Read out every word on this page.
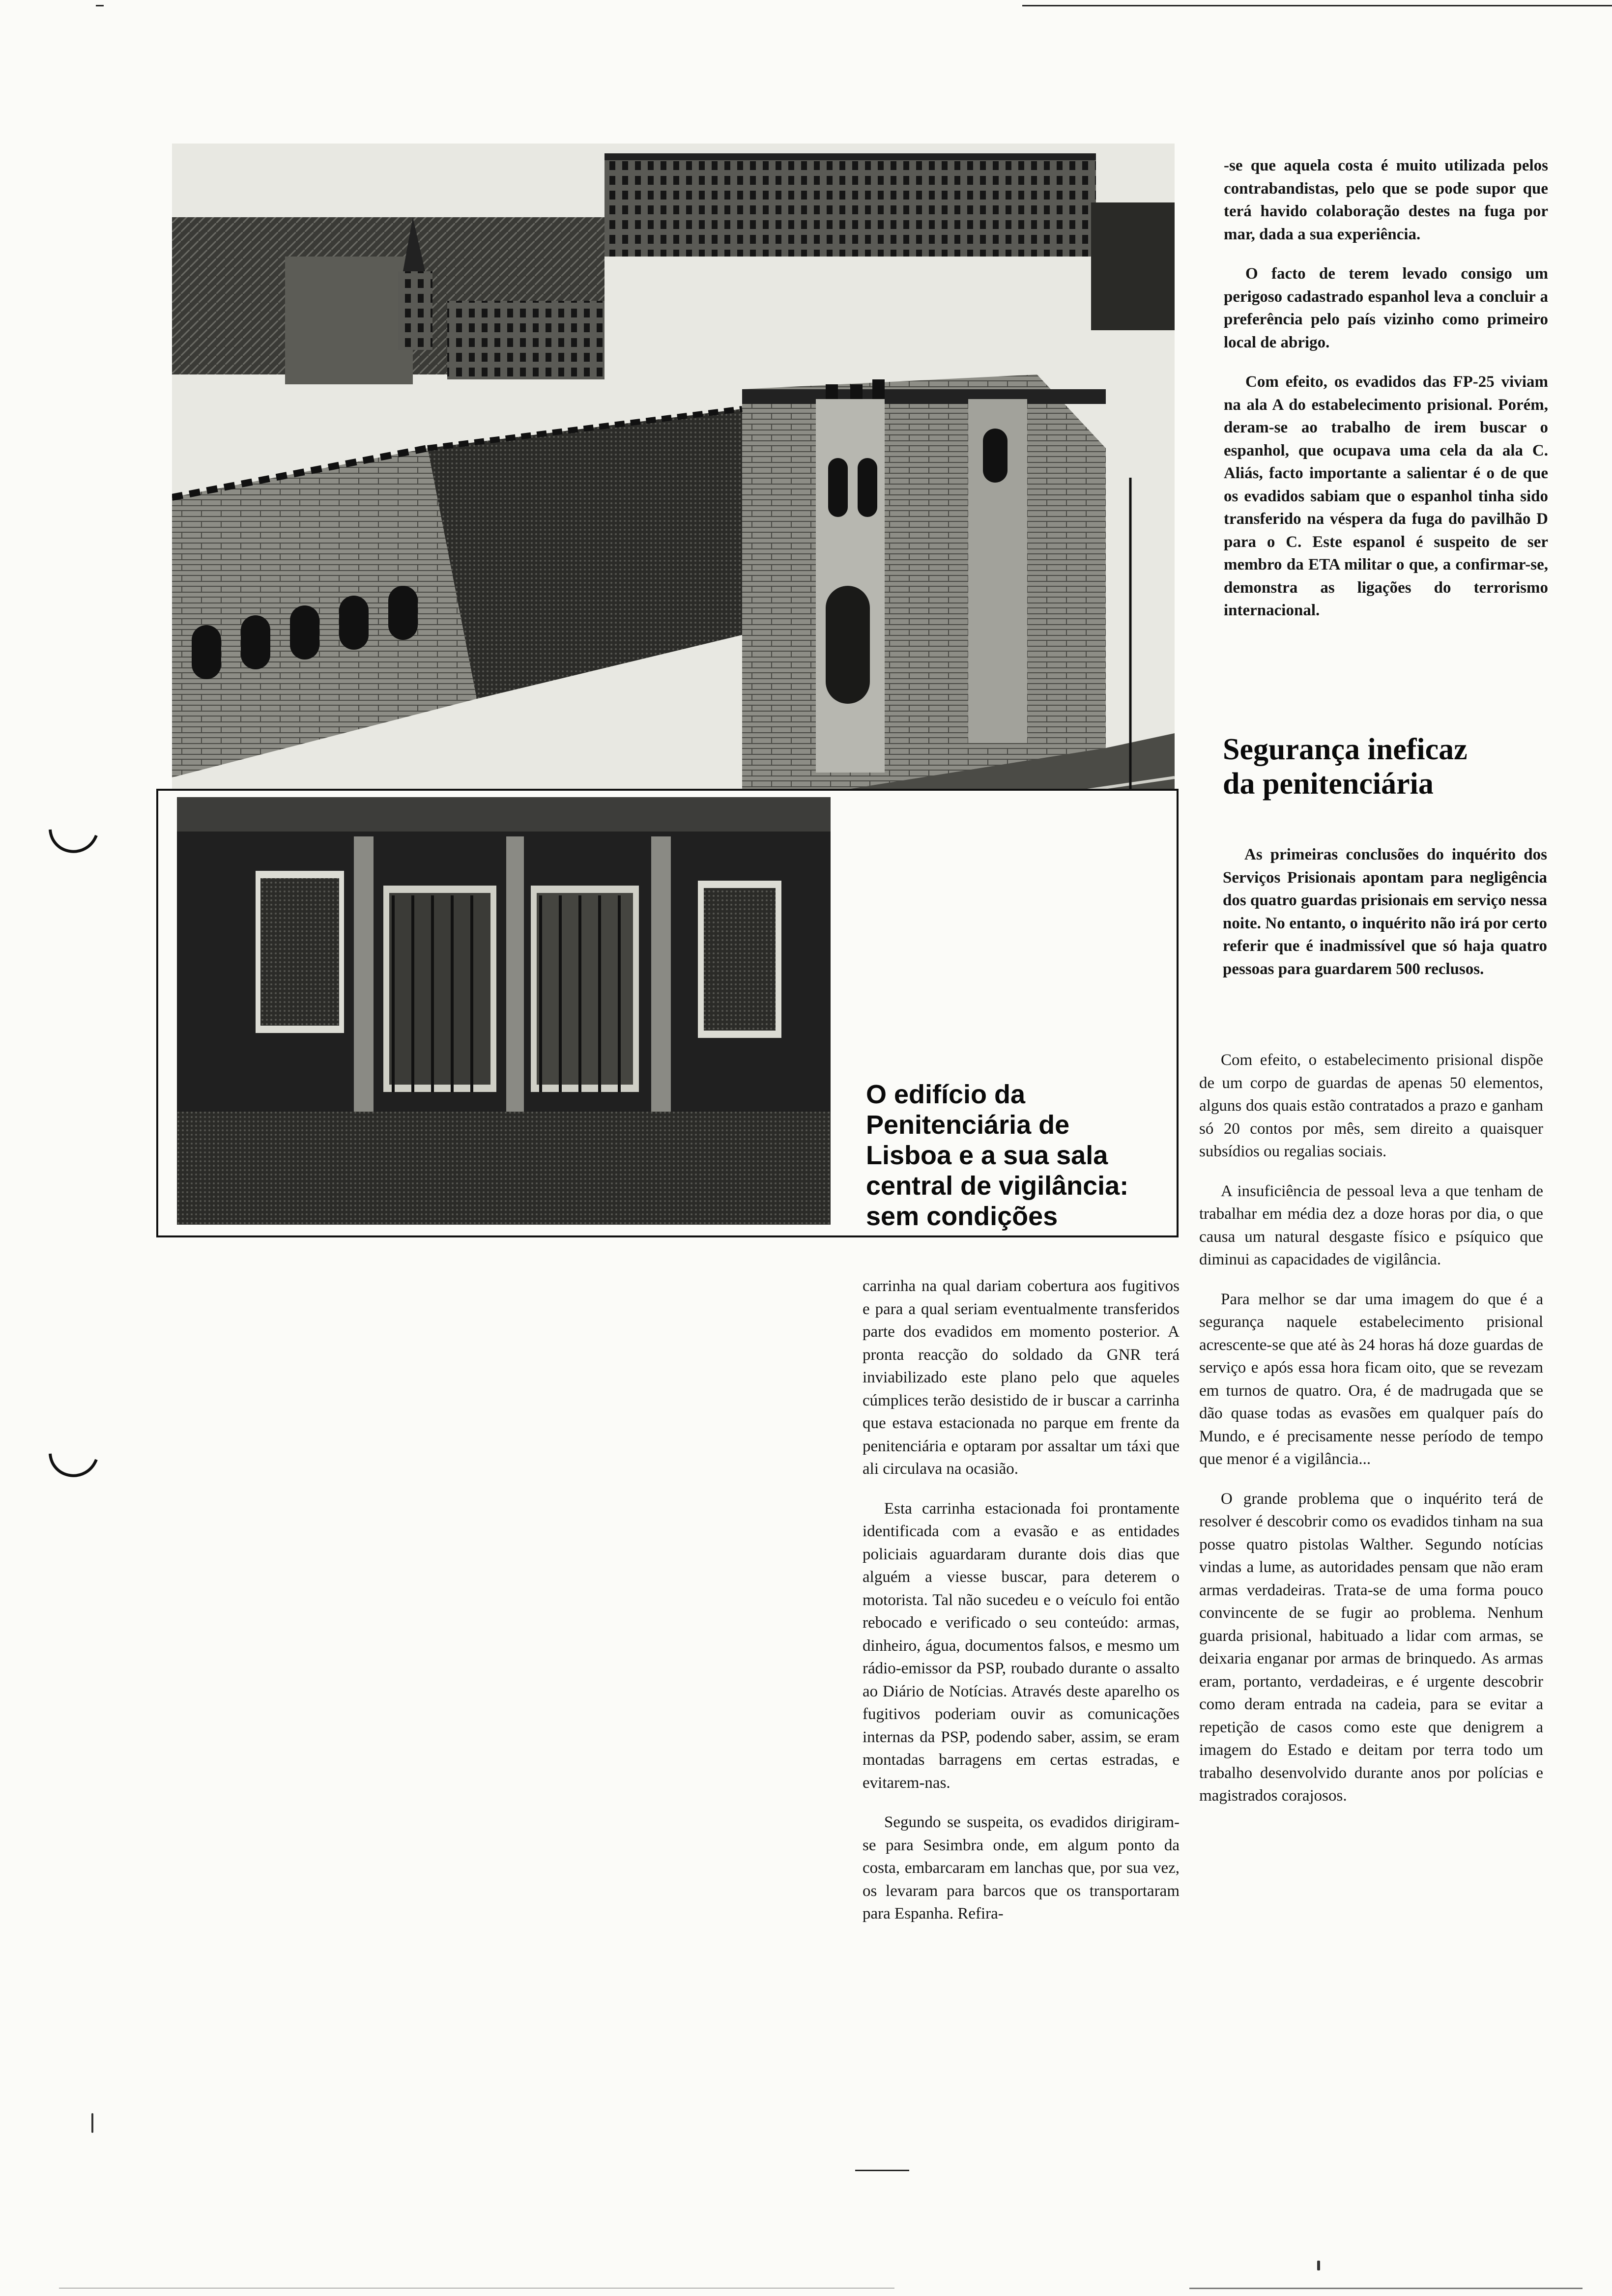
O edifício da
Penitenciária de
Lisboa e a sua sala
central de vigilância:
sem condições

carrinha na qual dariam cobertura aos fugitivos e para a qual seriam eventualmente transferidos parte dos evadidos em momento posterior. A pronta reacção do soldado da GNR terá inviabilizado este plano pelo que aqueles cúmplices terão desistido de ir buscar a carrinha que estava estacionada no parque em frente da penitenciária e optaram por assaltar um táxi que ali circulava na ocasião.

Esta carrinha estacionada foi prontamente identificada com a evasão e as entidades policiais aguardaram durante dois dias que alguém a viesse buscar, para deterem o motorista. Tal não sucedeu e o veículo foi então rebocado e verificado o seu conteúdo: armas, dinheiro, água, documentos falsos, e mesmo um rádio-emissor da PSP, roubado durante o assalto ao Diário de Notícias. Através deste aparelho os fugitivos poderiam ouvir as comunicações internas da PSP, podendo saber, assim, se eram montadas barragens em certas estradas, e evitarem-nas.

Segundo se suspeita, os evadidos dirigiram-se para Sesimbra onde, em algum ponto da costa, embarcaram em lanchas que, por sua vez, os levaram para barcos que os transportaram para Espanha. Refira-

-se que aquela costa é muito utilizada pelos contrabandistas, pelo que se pode supor que terá havido colaboração destes na fuga por mar, dada a sua experiência.

O facto de terem levado consigo um perigoso cadastrado espanhol leva a concluir a preferência pelo país vizinho como primeiro local de abrigo.

Com efeito, os evadidos das FP-25 viviam na ala A do estabelecimento prisional. Porém, deram-se ao trabalho de irem buscar o espanhol, que ocupava uma cela da ala C. Aliás, facto importante a salientar é o de que os evadidos sabiam que o espanhol tinha sido transferido na véspera da fuga do pavilhão D para o C. Este espanol é suspeito de ser membro da ETA militar o que, a confirmar-se, demonstra as ligações do terrorismo internacional.

Segurança ineficaz
da penitenciária

As primeiras conclusões do inquérito dos Serviços Prisionais apontam para negligência dos quatro guardas prisionais em serviço nessa noite. No entanto, o inquérito não irá por certo referir que é inadmissível que só haja quatro pessoas para guardarem 500 reclusos.

Com efeito, o estabelecimento prisional dispõe de um corpo de guardas de apenas 50 elementos, alguns dos quais estão contratados a prazo e ganham só 20 contos por mês, sem direito a quaisquer subsídios ou regalias sociais.

A insuficiência de pessoal leva a que tenham de trabalhar em média dez a doze horas por dia, o que causa um natural desgaste físico e psíquico que diminui as capacidades de vigilância.

Para melhor se dar uma imagem do que é a segurança naquele estabelecimento prisional acrescente-se que até às 24 horas há doze guardas de serviço e após essa hora ficam oito, que se revezam em turnos de quatro. Ora, é de madrugada que se dão quase todas as evasões em qualquer país do Mundo, e é precisamente nesse período de tempo que menor é a vigilância...

O grande problema que o inquérito terá de resolver é descobrir como os evadidos tinham na sua posse quatro pistolas Walther. Segundo notícias vindas a lume, as autoridades pensam que não eram armas verdadeiras. Trata-se de uma forma pouco convincente de se fugir ao problema. Nenhum guarda prisional, habituado a lidar com armas, se deixaria enganar por armas de brinquedo. As armas eram, portanto, verdadeiras, e é urgente descobrir como deram entrada na cadeia, para se evitar a repetição de casos como este que denigrem a imagem do Estado e deitam por terra todo um trabalho desenvolvido durante anos por polícias e magistrados corajosos.
